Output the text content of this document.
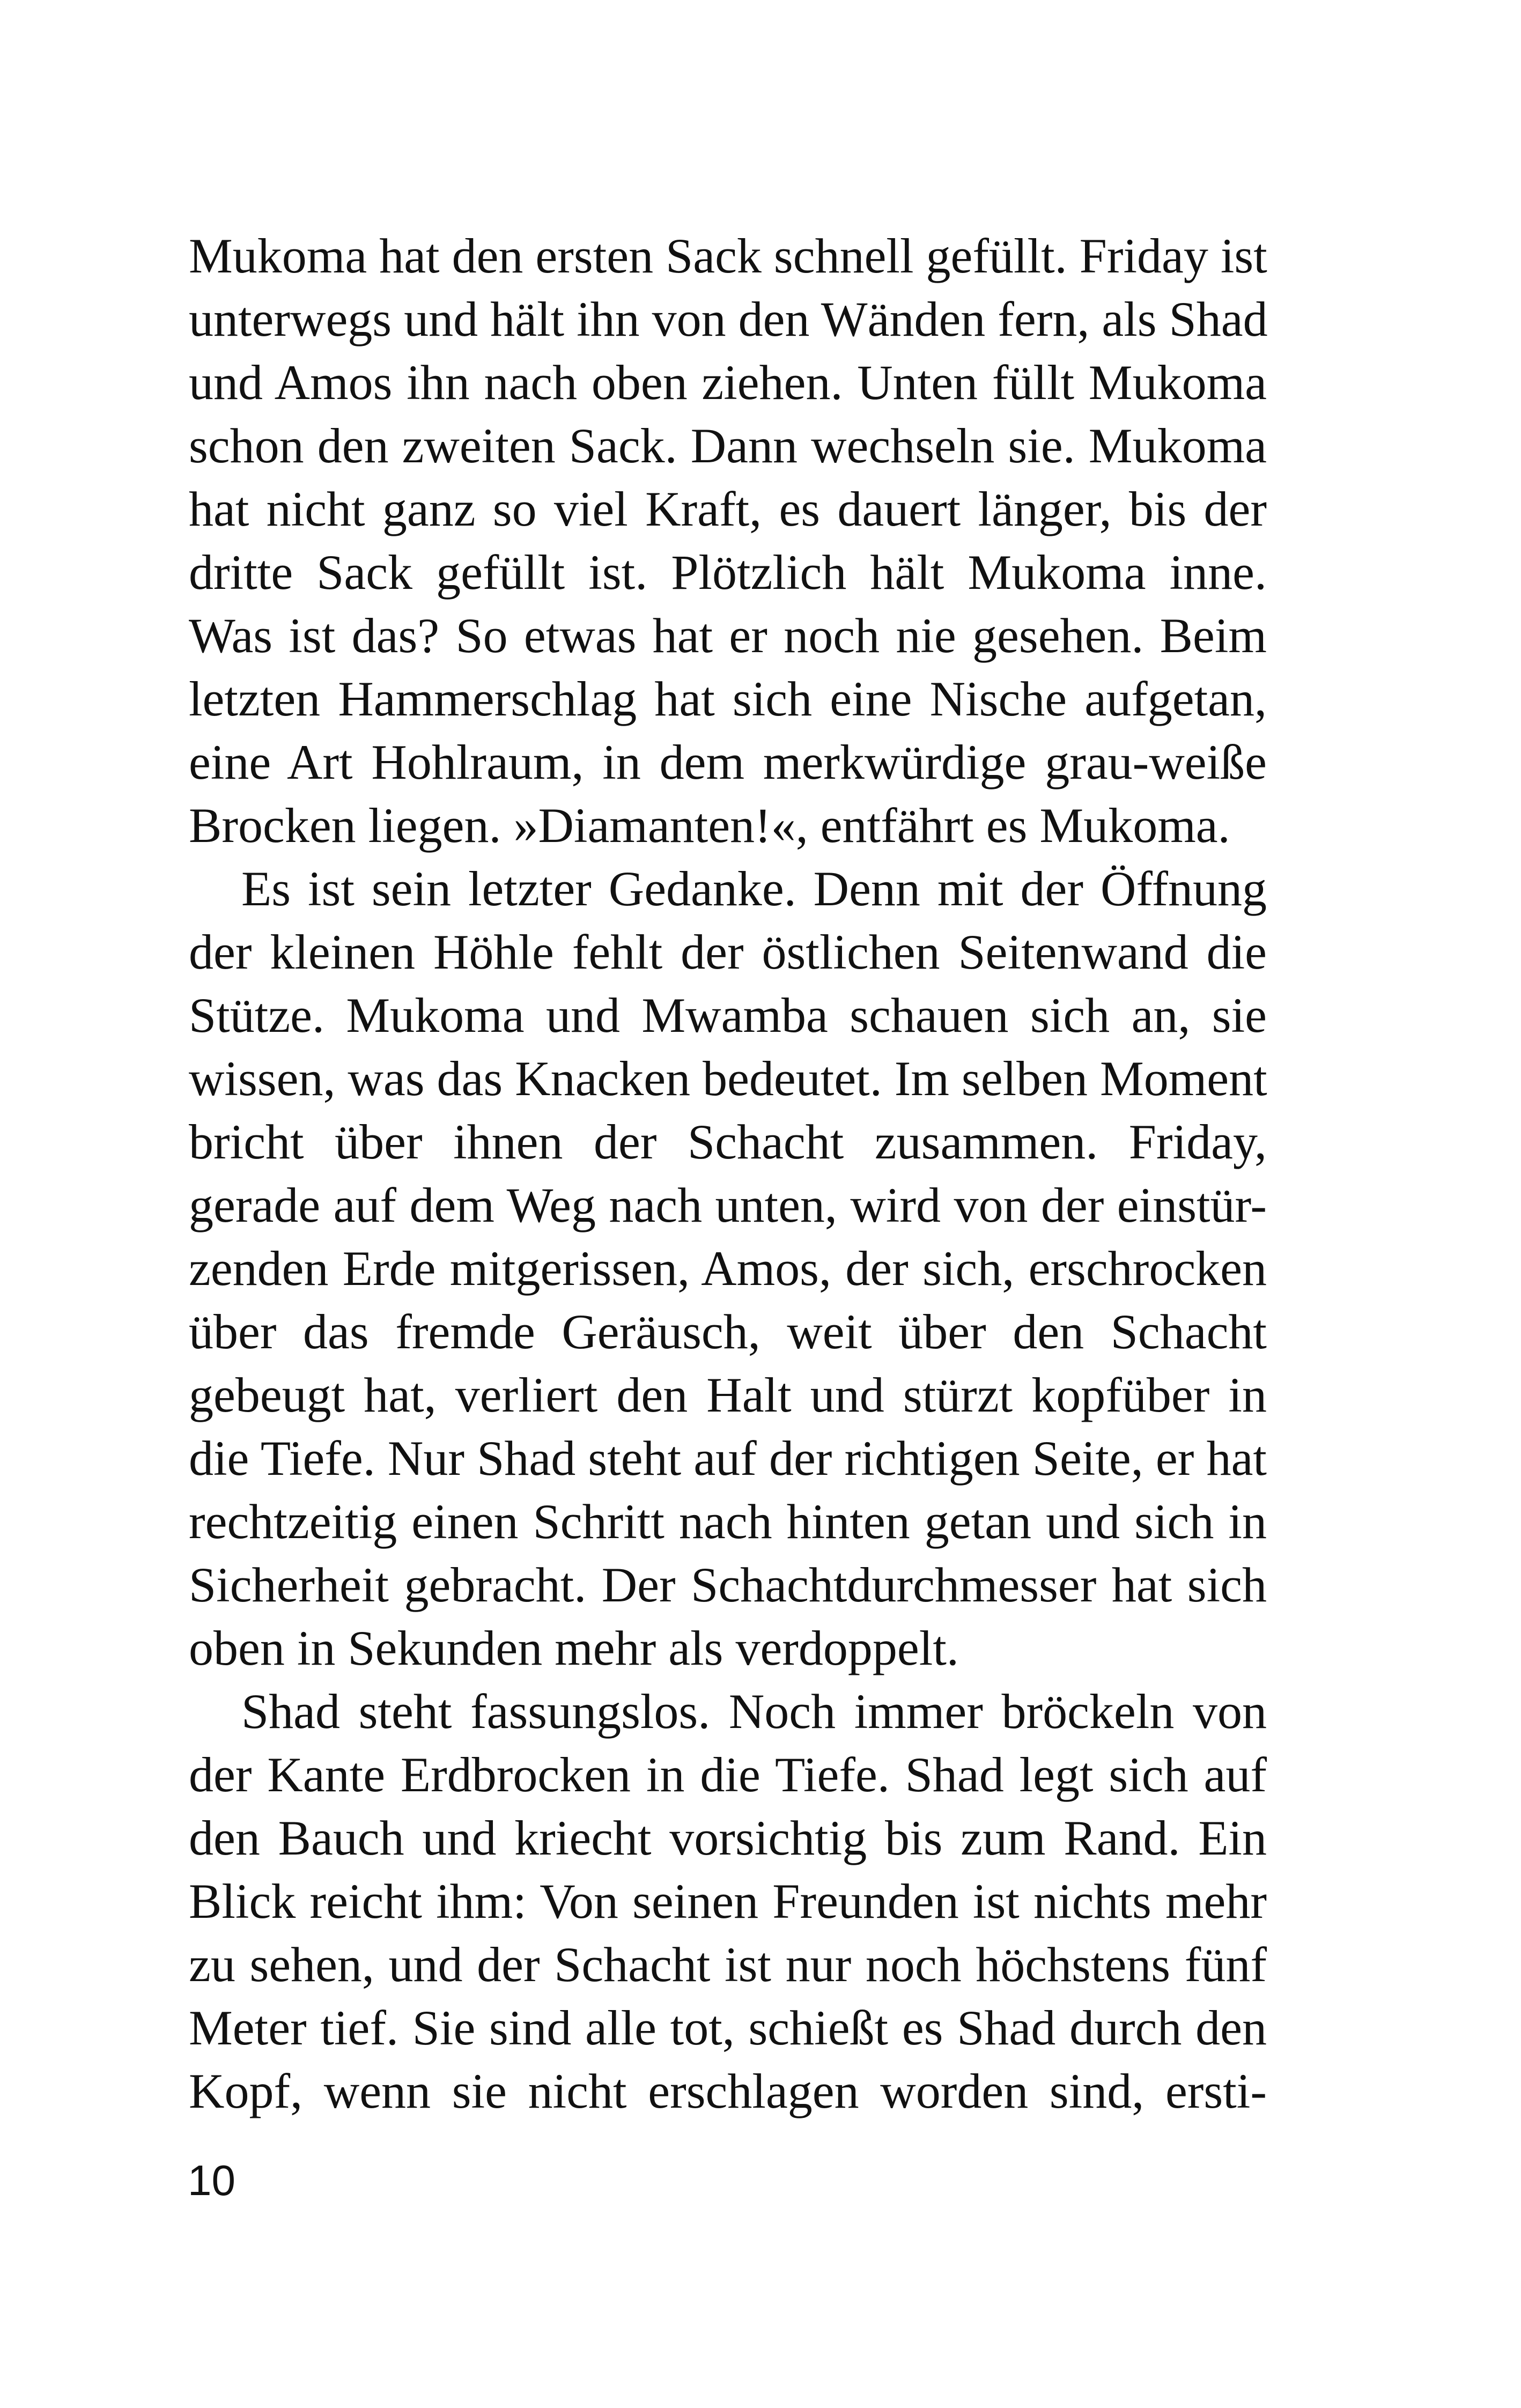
Mukoma hat den ersten Sack schnell gefüllt. Friday ist
unterwegs und hält ihn von den Wänden fern, als Shad
und Amos ihn nach oben ziehen. Unten füllt Mukoma
schon den zweiten Sack. Dann wechseln sie. Mukoma
hat nicht ganz so viel Kraft, es dauert länger, bis der
dritte Sack gefüllt ist. Plötzlich hält Mukoma inne.
Was ist das? So etwas hat er noch nie gesehen. Beim
letzten Hammerschlag hat sich eine Nische aufgetan,
eine Art Hohlraum, in dem merkwürdige grau-weiße
Brocken liegen. »Diamanten!«, entfährt es Mukoma.

Es ist sein letzter Gedanke. Denn mit der Öffnung
der kleinen Höhle fehlt der östlichen Seitenwand die
Stütze. Mukoma und Mwamba schauen sich an, sie
wissen, was das Knacken bedeutet. Im selben Moment
bricht über ihnen der Schacht zusammen. Friday,
gerade auf dem Weg nach unten, wird von der einstür-
zenden Erde mitgerissen, Amos, der sich, erschrocken
über das fremde Geräusch, weit über den Schacht
gebeugt hat, verliert den Halt und stürzt kopfüber in
die Tiefe. Nur Shad steht auf der richtigen Seite, er hat
rechtzeitig einen Schritt nach hinten getan und sich in
Sicherheit gebracht. Der Schachtdurchmesser hat sich
oben in Sekunden mehr als verdoppelt.

Shad steht fassungslos. Noch immer bröckeln von
der Kante Erdbrocken in die Tiefe. Shad legt sich auf
den Bauch und kriecht vorsichtig bis zum Rand. Ein
Blick reicht ihm: Von seinen Freunden ist nichts mehr
zu sehen, und der Schacht ist nur noch höchstens fünf
Meter tief. Sie sind alle tot, schießt es Shad durch den
Kopf, wenn sie nicht erschlagen worden sind, ersti-

10
